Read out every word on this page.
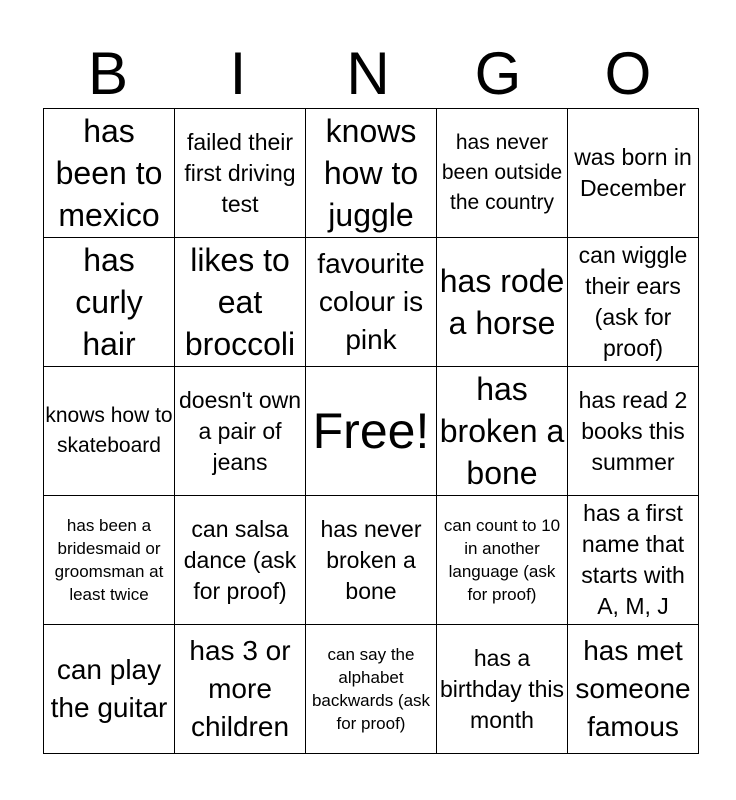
B	I	N	G	O
has been to mexico	failed their first driving test	knows how to juggle	has never been outside the country	was born in December
has curly hair	likes to eat broccoli	favourite colour is pink	has rode a horse	can wiggle their ears (ask for proof)
knows how to skateboard	doesn't own a pair of jeans	Free!	has broken a bone	has read 2 books this summer
has been a bridesmaid or groomsman at least twice	can salsa dance (ask for proof)	has never broken a bone	can count to 10 in another language (ask for proof)	has a first name that starts with A, M, J
can play the guitar	has 3 or more children	can say the alphabet backwards (ask for proof)	has a birthday this month	has met someone famous
